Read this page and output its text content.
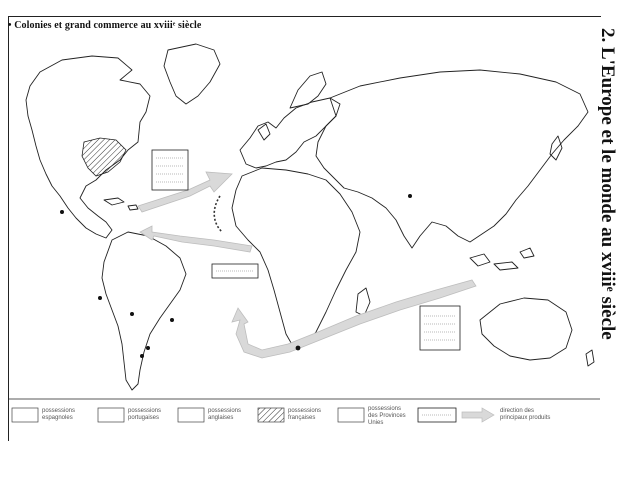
• Colonies et grand commerce au xviiiᵉ siècle
2. L'Europe et le monde au xviiiᵉ siècle
possessions
espagnoles
possessions
portugaises
possessions
anglaises
possessions
françaises
possessions
des Provinces
Unies
direction des
principaux produits
